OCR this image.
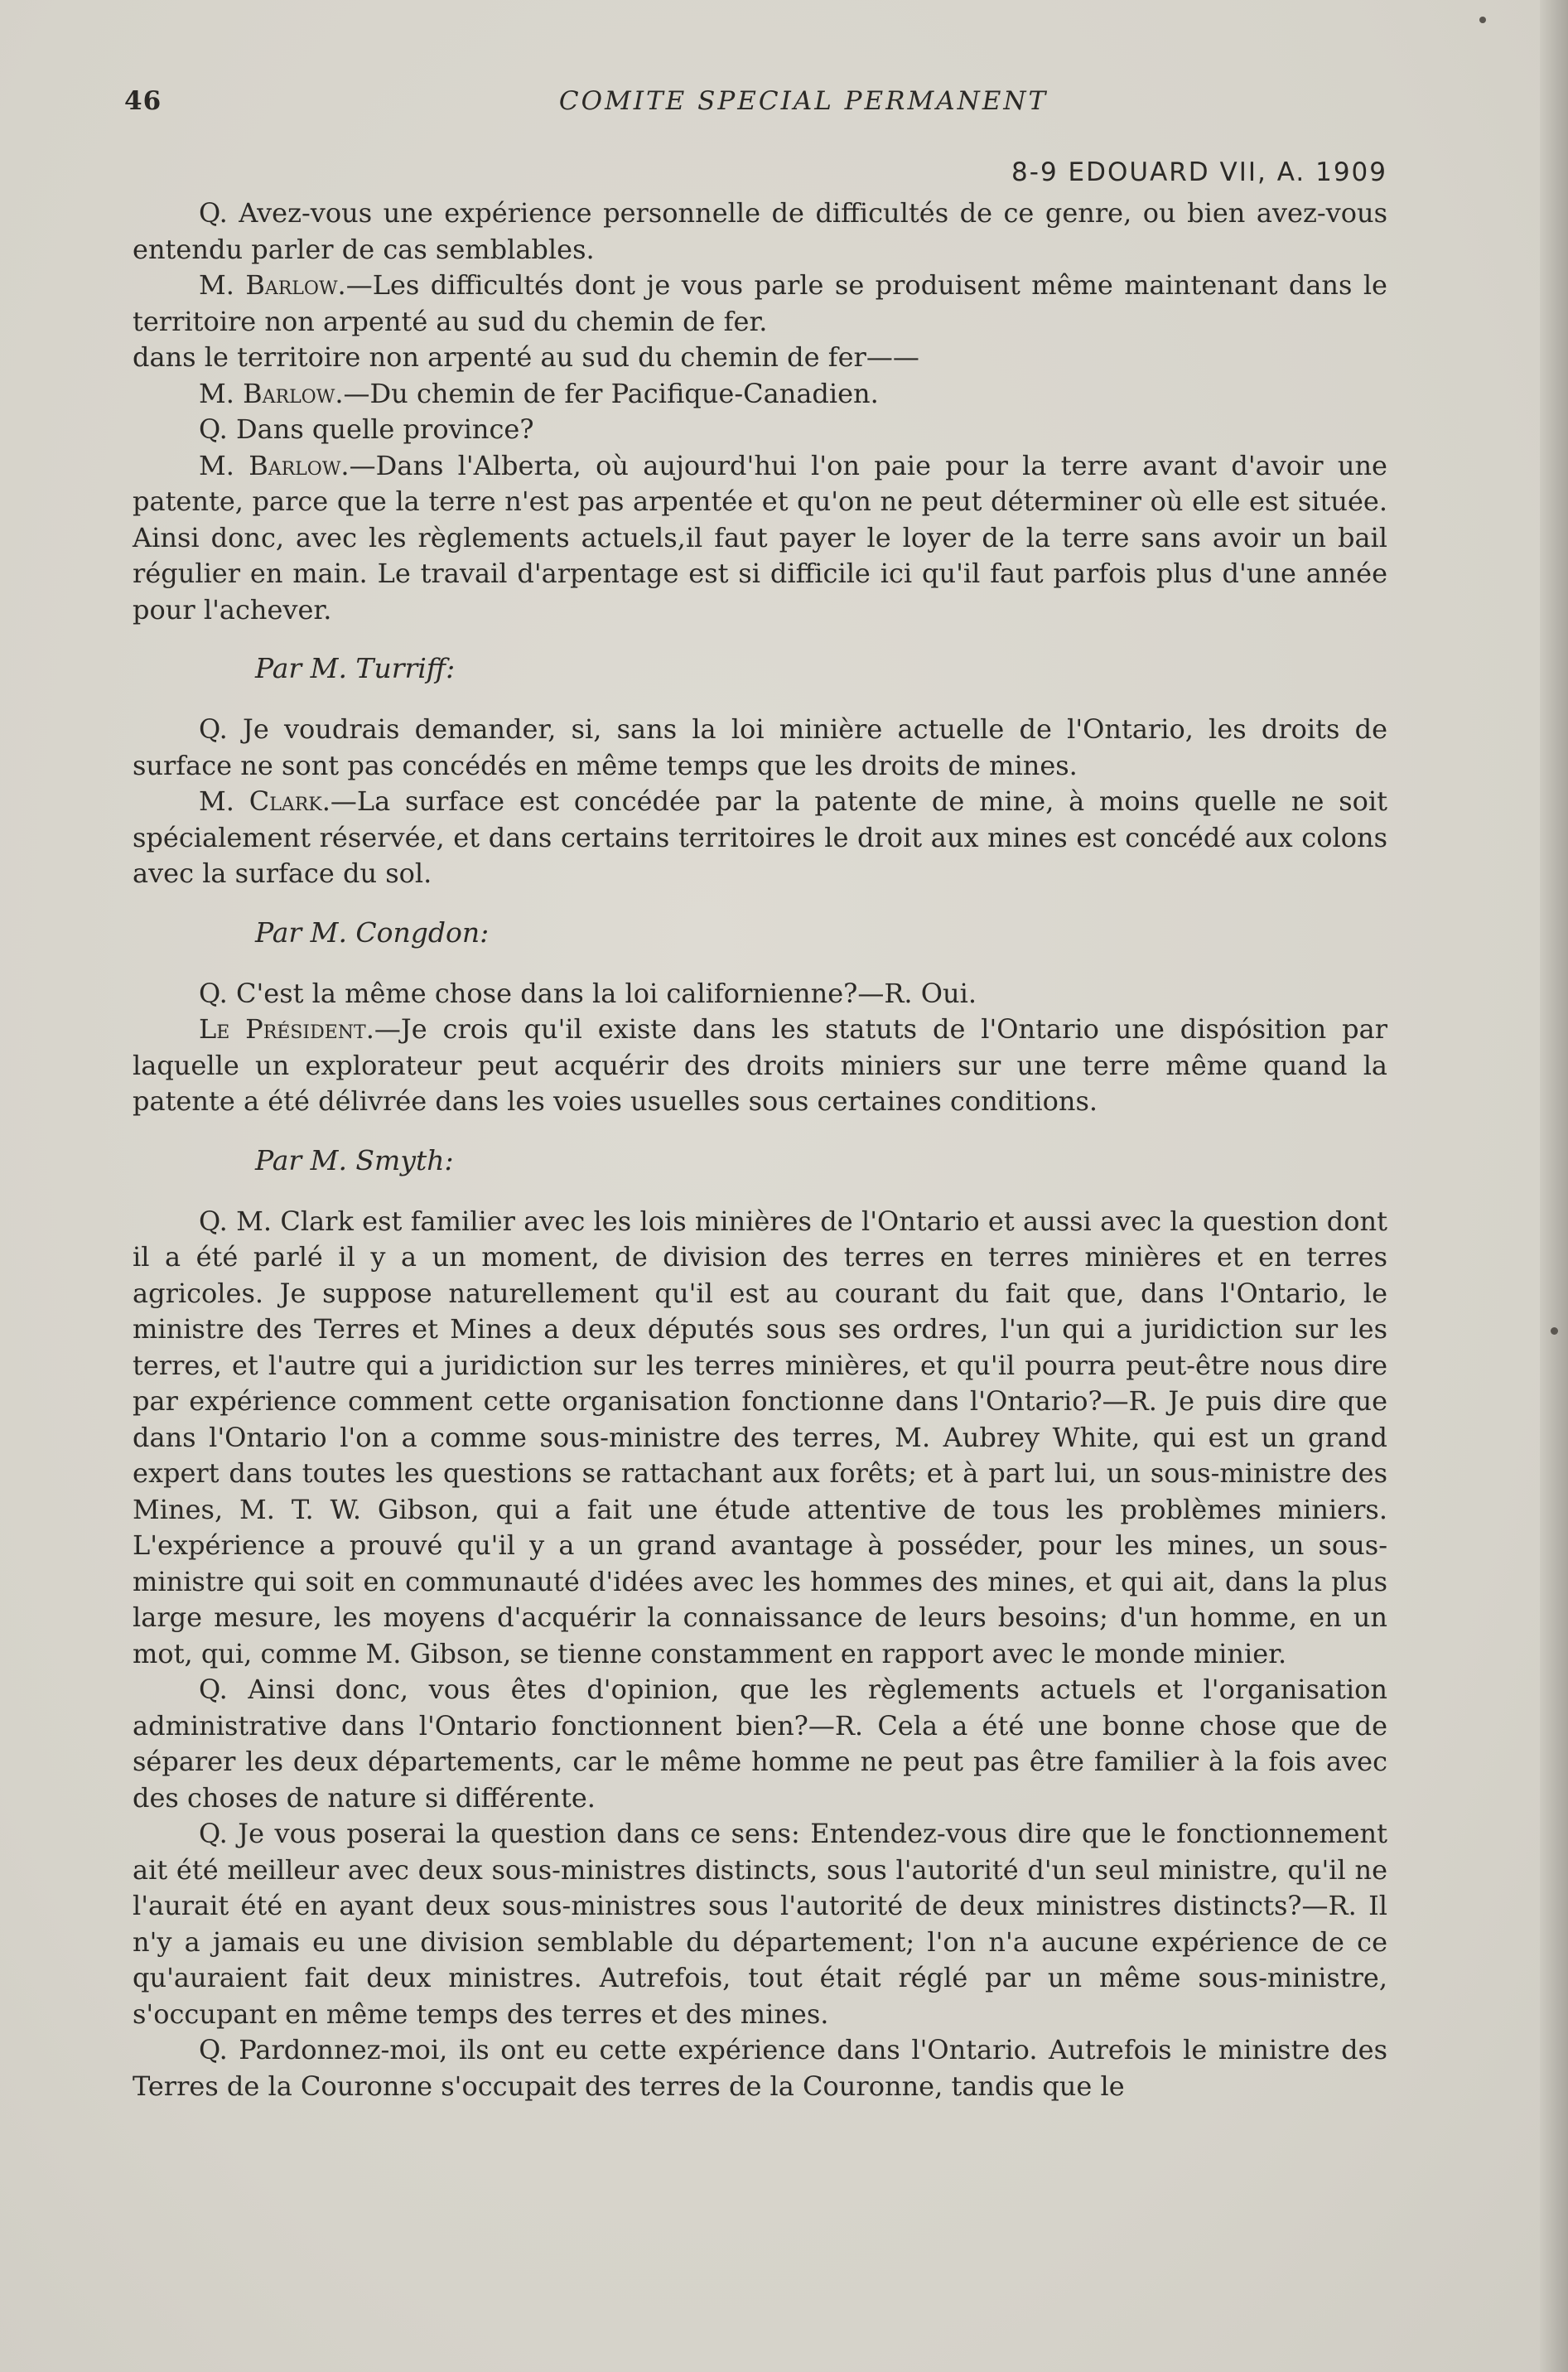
46	COMITE SPECIAL PERMANENT
8-9 EDOUARD VII, A. 1909

Q. Avez-vous une expérience personnelle de difficultés de ce genre, ou bien avez-vous entendu parler de cas semblables.

M. Barlow.—Les difficultés dont je vous parle se produisent même maintenant dans le territoire non arpenté au sud du chemin de fer.

dans le territoire non arpenté au sud du chemin de fer——

M. Barlow.—Du chemin de fer Pacifique-Canadien.

Q. Dans quelle province?

M. Barlow.—Dans l'Alberta, où aujourd'hui l'on paie pour la terre avant d'avoir une patente, parce que la terre n'est pas arpentée et qu'on ne peut déterminer où elle est située. Ainsi donc, avec les règlements actuels,il faut payer le loyer de la terre sans avoir un bail régulier en main. Le travail d'arpentage est si difficile ici qu'il faut parfois plus d'une année pour l'achever.

Par M. Turriff:

Q. Je voudrais demander, si, sans la loi minière actuelle de l'Ontario, les droits de surface ne sont pas concédés en même temps que les droits de mines.

M. Clark.—La surface est concédée par la patente de mine, à moins quelle ne soit spécialement réservée, et dans certains territoires le droit aux mines est concédé aux colons avec la surface du sol.

Par M. Congdon:

Q. C'est la même chose dans la loi californienne?—R. Oui.

Le Président.—Je crois qu'il existe dans les statuts de l'Ontario une dispósition par laquelle un explorateur peut acquérir des droits miniers sur une terre même quand la patente a été délivrée dans les voies usuelles sous certaines conditions.

Par M. Smyth:

Q. M. Clark est familier avec les lois minières de l'Ontario et aussi avec la question dont il a été parlé il y a un moment, de division des terres en terres minières et en terres agricoles. Je suppose naturellement qu'il est au courant du fait que, dans l'Ontario, le ministre des Terres et Mines a deux députés sous ses ordres, l'un qui a juridiction sur les terres, et l'autre qui a juridiction sur les terres minières, et qu'il pourra peut-être nous dire par expérience comment cette organisation fonctionne dans l'Ontario?—R. Je puis dire que dans l'Ontario l'on a comme sous-ministre des terres, M. Aubrey White, qui est un grand expert dans toutes les questions se rattachant aux forêts; et à part lui, un sous-ministre des Mines, M. T. W. Gibson, qui a fait une étude attentive de tous les problèmes miniers. L'expérience a prouvé qu'il y a un grand avantage à posséder, pour les mines, un sous-ministre qui soit en communauté d'idées avec les hommes des mines, et qui ait, dans la plus large mesure, les moyens d'acquérir la connaissance de leurs besoins; d'un homme, en un mot, qui, comme M. Gibson, se tienne constamment en rapport avec le monde minier.

Q. Ainsi donc, vous êtes d'opinion, que les règlements actuels et l'organisation administrative dans l'Ontario fonctionnent bien?—R. Cela a été une bonne chose que de séparer les deux départements, car le même homme ne peut pas être familier à la fois avec des choses de nature si différente.

Q. Je vous poserai la question dans ce sens: Entendez-vous dire que le fonctionnement ait été meilleur avec deux sous-ministres distincts, sous l'autorité d'un seul ministre, qu'il ne l'aurait été en ayant deux sous-ministres sous l'autorité de deux ministres distincts?—R. Il n'y a jamais eu une division semblable du département; l'on n'a aucune expérience de ce qu'auraient fait deux ministres. Autrefois, tout était réglé par un même sous-ministre, s'occupant en même temps des terres et des mines.

Q. Pardonnez-moi, ils ont eu cette expérience dans l'Ontario. Autrefois le ministre des Terres de la Couronne s'occupait des terres de la Couronne, tandis que le
